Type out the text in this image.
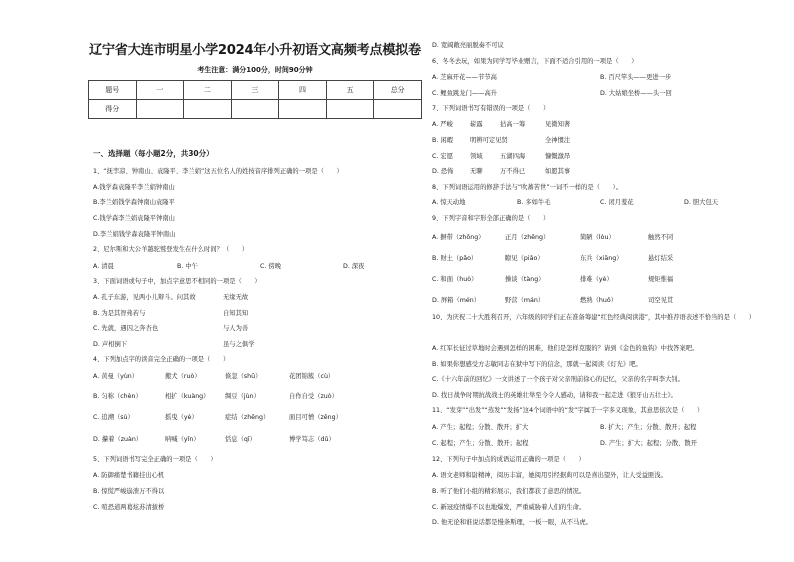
辽宁省大连市明星小学2024年小升初语文高频考点模拟卷
考生注意：满分100分，时间90分钟
题号	一	二	三	四	五	总分
得分						
一、选择题（每小题2分，共30分）
1、“抚孪凉、钟南山、袁隆平、李兰娟”这五位名人的姓按音序排列正确的一项是（　　）
A.钱学森袁隆平李兰娟钟南山
B.李兰娟钱学森钟南山袁隆平
C.钱学森李兰娟袁隆平钟南山
D.李兰娟钱学森袁隆平钟南山
2、尼尔斯和大公羊越驼鹫登发生在什么时间？（　　）
A. 清晨	B. 中午	C. 傍晚	D. 深夜
3、下面词语或句子中，加点字意思不相同的一项是（　　）
A. 孔子东游，见两小儿辩斗。问其故	无缘无故
B. 为是其智弗若与	自知其知
C. 先就，遇囚之奔杏也	与人为善
D. 声相倒下	虽与之俱学
4、下列加点字的读音完全正确的一项是（　　）
A. 黄曼（yùn）	搬犬（ruò）	倏忽（shū）	花团锦簇（cù）
B. 匀称（chèn）	相扩（kuàng） 绸豆（jùn）	自作自受（zuò）
C. 追溯（sù）	摇曳（yè）	症结（zhēng）	面目可憎（zēng）
D. 攥着（zuàn）	呐喊（yǐn）	恬息（qī）	博学笃志（dǔ）
5、下列词语书写完全正确的一项是（　　）
A. 防御痛楚书籍挂出心机
B. 惊慌严峻崩溃万不得以
C. 喧恐道两葛炫苏清拔桥
D. 宽阔敞亮丽脱奏不可议
6、冬冬去玩，如果为同学写毕业赠言，下面不适合引用的一项是（　　）
A. 芝麻开花——节节高	B. 百尺竿头——更进一步
C. 鲤鱼跳龙门——高升	D. 大姑娘坐桥——头一回
7、下列词语书写有错误的一项是（　　）
A. 严峻	崭露	拈高一筹	见微知著
B. 闲暇	明辨可定见贤	全神惯注
C. 宏愿	领域	五湖四海	慷慨激昂
D. 恐怖	无聊	万不得已	如愿其事
8、下列词语运用的修辞手法与“吹蕃苦世”一词不一样的是（　　）。
A. 惊天动地	B. 多如牛毛	C. 闭月羞花	D. 胆大包天
9、下列字音和字形全部正确的是（　　）
A. 摒带（zhōng）	正月（zhēng）	简陋（lòu）	触然不同
B. 财土（pǎo）	瞭见（piǎo）	东兵（xiāng）	悬灯结采
C. 和面（huò）	操谈（tàng）	排难（yè）	规矩惟福
D. 屏箱（mén）	野营（mán）	燃熟（huǒ）	司空见贯
10、为庆祝二十大胜利召开，六年级的同学们正在准备筹建“红色经典阅读港”，其中推荐语表述不恰当的是（　　）
A. 红军长征过草地时会遇到怎样的困难，他们是怎样克服的？请到《金色的鱼钩》中找答案吧。
B. 如果你想感受方志敏同志在狱中写下的信念，那就一起阅读《灯光》吧。
C.《十六年前的回忆》一文讲述了一个孩子对父亲刑前徐心的记忆，父亲的名字叫李大钊。
D. 找日战争时期抗战战士的英雄壮举至今令人感动，请和我一起走进《狼牙山五壮士》。
11、“发芽”“出发”“蒸发”“发扬”这4个词语中的“发”字属于一字多义现象，其意思依次是（　　）
A. 产生；起程；分散、散开；扩大	B. 扩大；产生；分散、散开；起程
C. 起程；产生；分散、散开；起程	D. 产生；扩大；起程；分散、散开
12、下列句子中加点的成语运用正确的一项是（　　）
A. 语文老师和尉精神，阅历丰富，她阅用引经据典可以是喜出望外，让人受益匪浅。
B. 听了他们小组的精彩展示，我们都获了意思的情况。
C. 新冠疫情爆不以也地爆发，严重威胁着人们的生命。
D. 他无论和谁说话都是慢条斯理，一板一眼，从不马虎。
